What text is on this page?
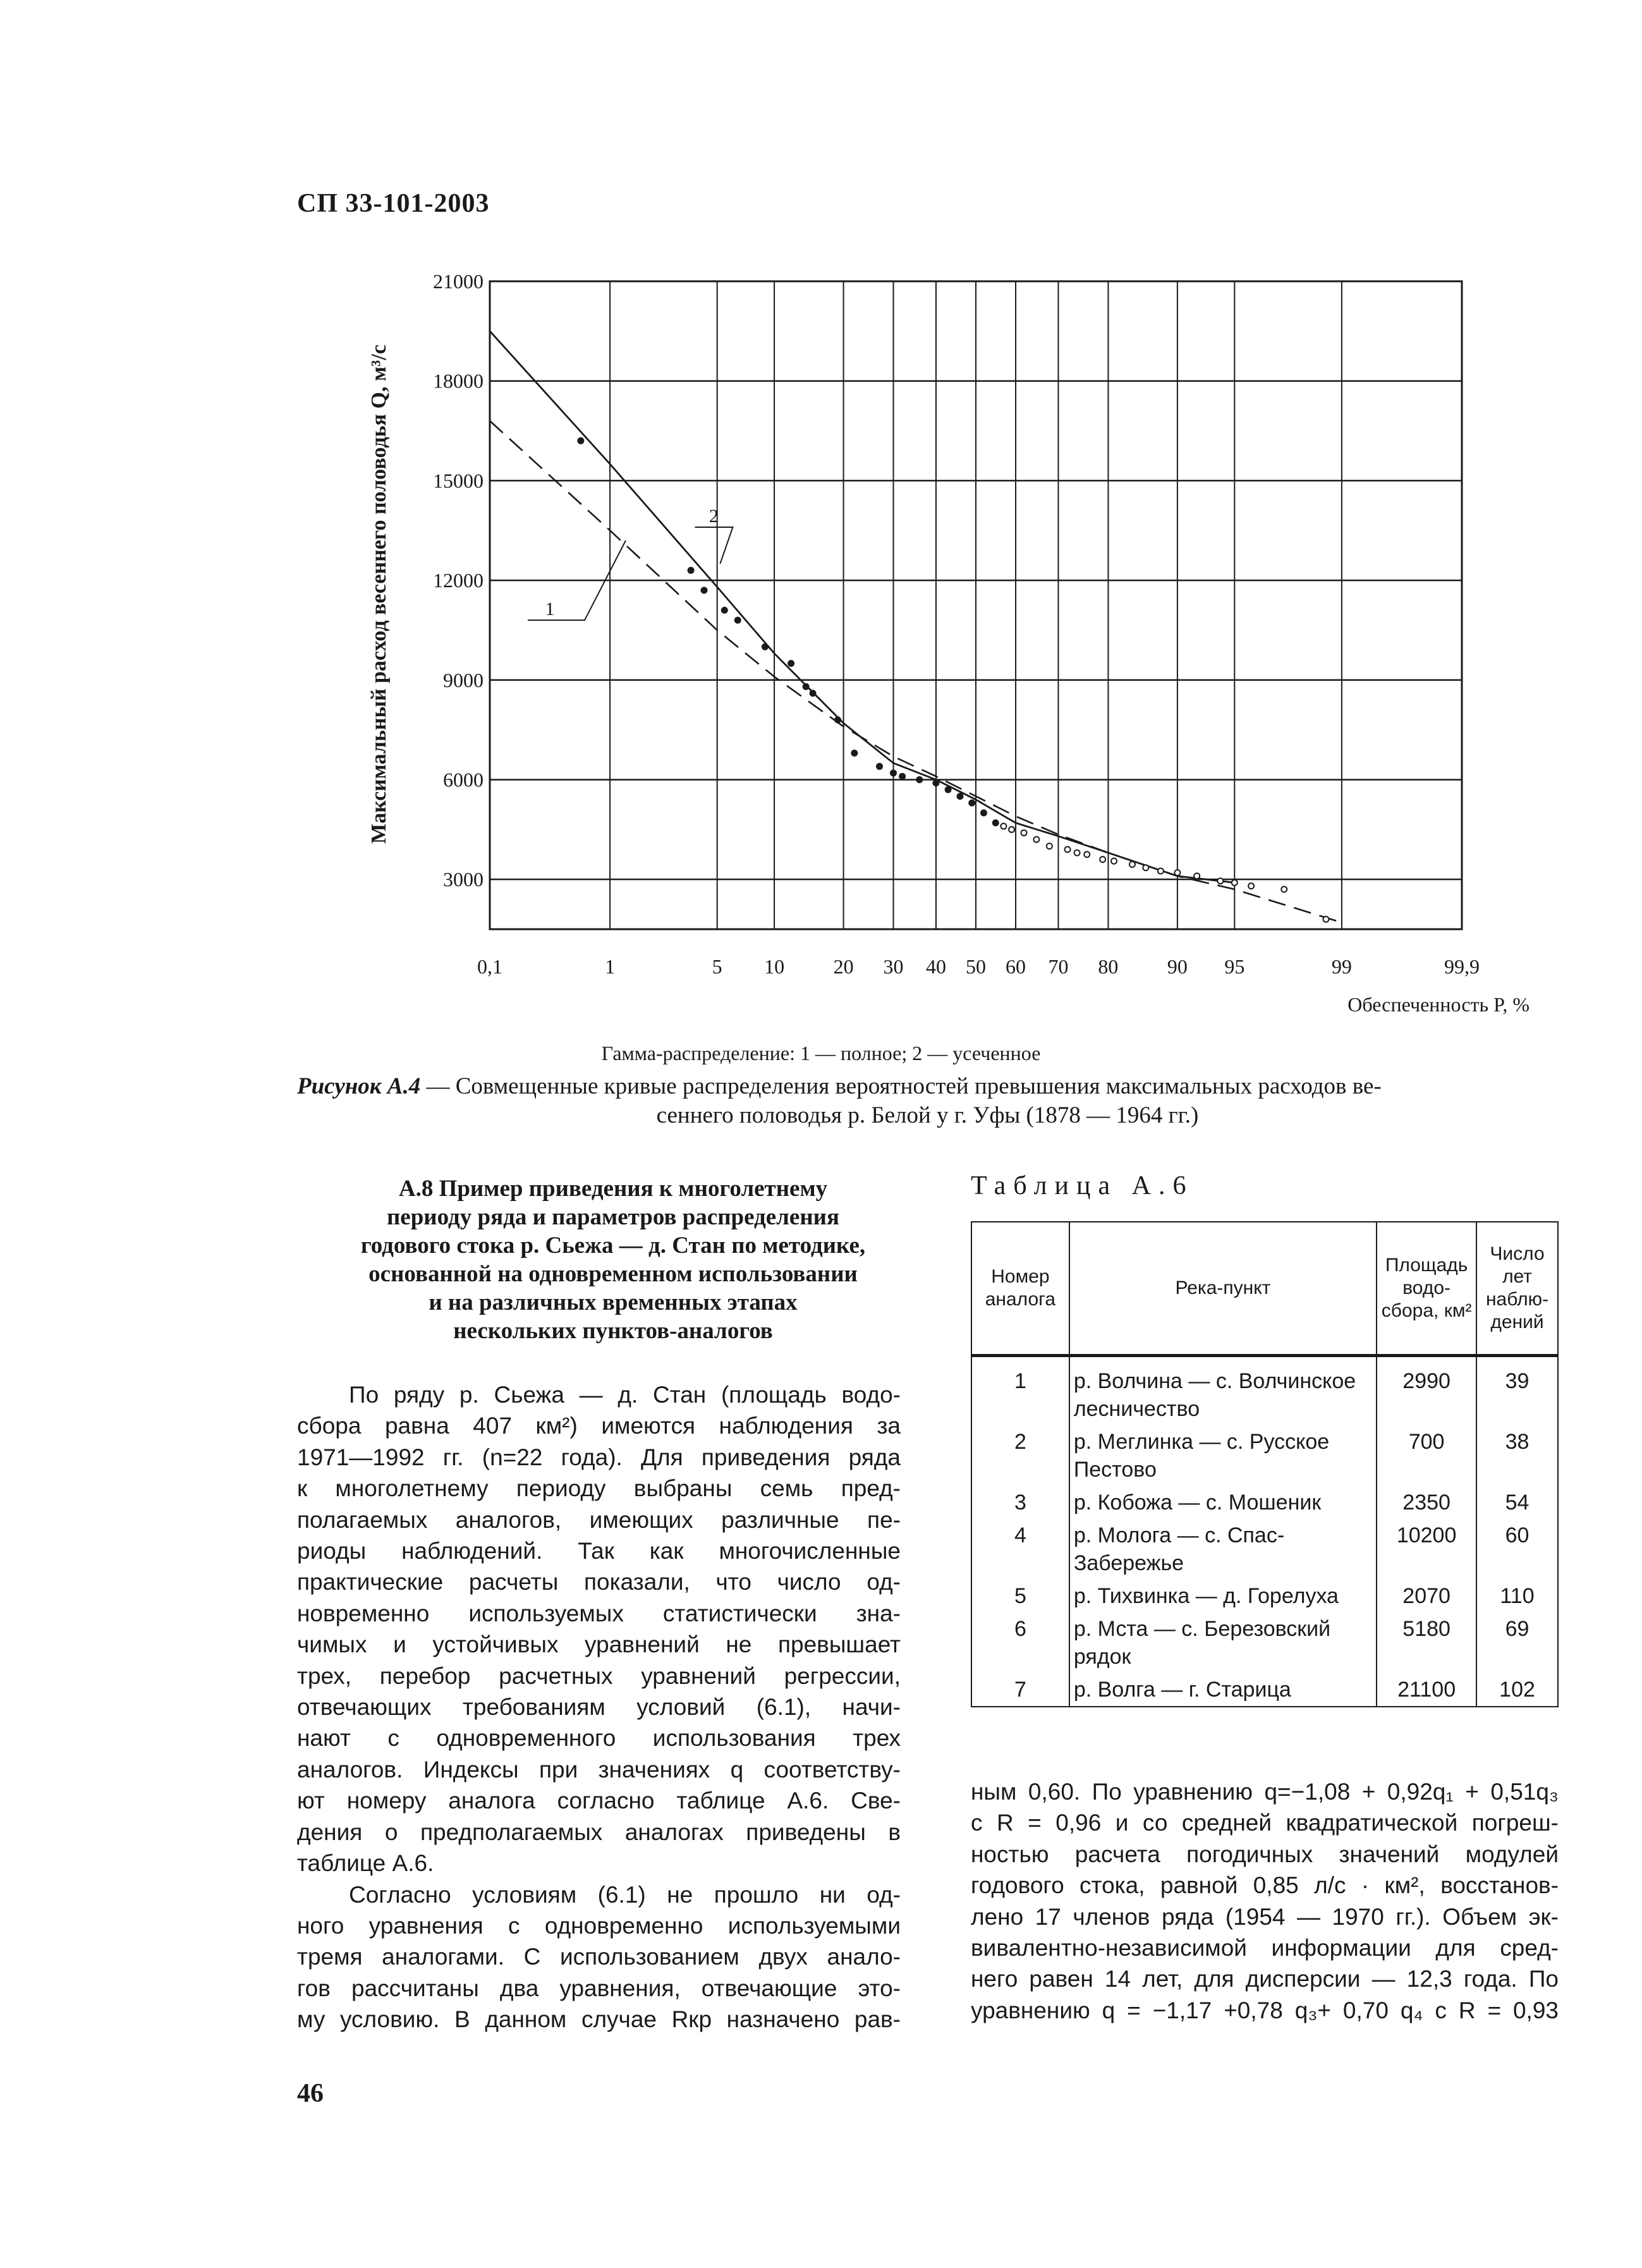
СП 33-101-2003
21000
18000
15000
12000
9000
6000
3000
0,1	1	5 10 20 30 40 50 60 70 80 90 95	99	99,9
1
2
Максимальный расход весеннего половодья Q, м³/с
Обеспеченность P, %
Гамма-распределение: 1 — полное; 2 — усеченное
Рисунок А.4 — Совмещенные кривые распределения вероятностей превышения максимальных расходов ве-
сеннего половодья р. Белой у г. Уфы (1878 — 1964 гг.)
А.8 Пример приведения к многолетнему
периоду ряда и параметров распределения
годового стока р. Сьежа — д. Стан по методике,
основанной на одновременном использовании
и на различных временных этапах
нескольких пунктов-аналогов
По ряду р. Сьежа — д. Стан (площадь водо-
сбора равна 407 км²) имеются наблюдения за
1971—1992 гг. (n=22 года). Для приведения ряда
к многолетнему периоду выбраны семь пред-
полагаемых аналогов, имеющих различные пе-
риоды наблюдений. Так как многочисленные
практические расчеты показали, что число од-
новременно используемых статистически зна-
чимых и устойчивых уравнений не превышает
трех, перебор расчетных уравнений регрессии,
отвечающих требованиям условий (6.1), начи-
нают с одновременного использования трех
аналогов. Индексы при значениях q соответству-
ют номеру аналога согласно таблице А.6. Све-
дения о предполагаемых аналогах приведены в
таблице А.6.
Согласно условиям (6.1) не прошло ни од-
ного уравнения с одновременно используемыми
тремя аналогами. С использованием двух анало-
гов рассчитаны два уравнения, отвечающие это-
му условию. В данном случае Rкр назначено рав-
Таблица А.6
Номер аналога	Река-пункт	Площадь водо-сбора, км²	Число лет наблю-дений
1	р. Волчина — с. Волчинское лесничество	2990	39
2	р. Меглинка — с. Русское Пестово	700	38
3	р. Кобожа — с. Мошеник	2350	54
4	р. Молога — с. Спас-Забережье	10200	60
5	р. Тихвинка — д. Горелуха	2070	110
6	р. Мста — с. Березовский рядок	5180	69
7	р. Волга — г. Старица	21100	102
ным 0,60. По уравнению q=−1,08 + 0,92q₁ + 0,51q₃
с R = 0,96 и со средней квадратической погреш-
ностью расчета погодичных значений модулей
годового стока, равной 0,85 л/с · км², восстанов-
лено 17 членов ряда (1954 — 1970 гг.). Объем эк-
вивалентно-независимой информации для сред-
него равен 14 лет, для дисперсии — 12,3 года. По
уравнению q = −1,17 +0,78 q₃+ 0,70 q₄ с R = 0,93
46
